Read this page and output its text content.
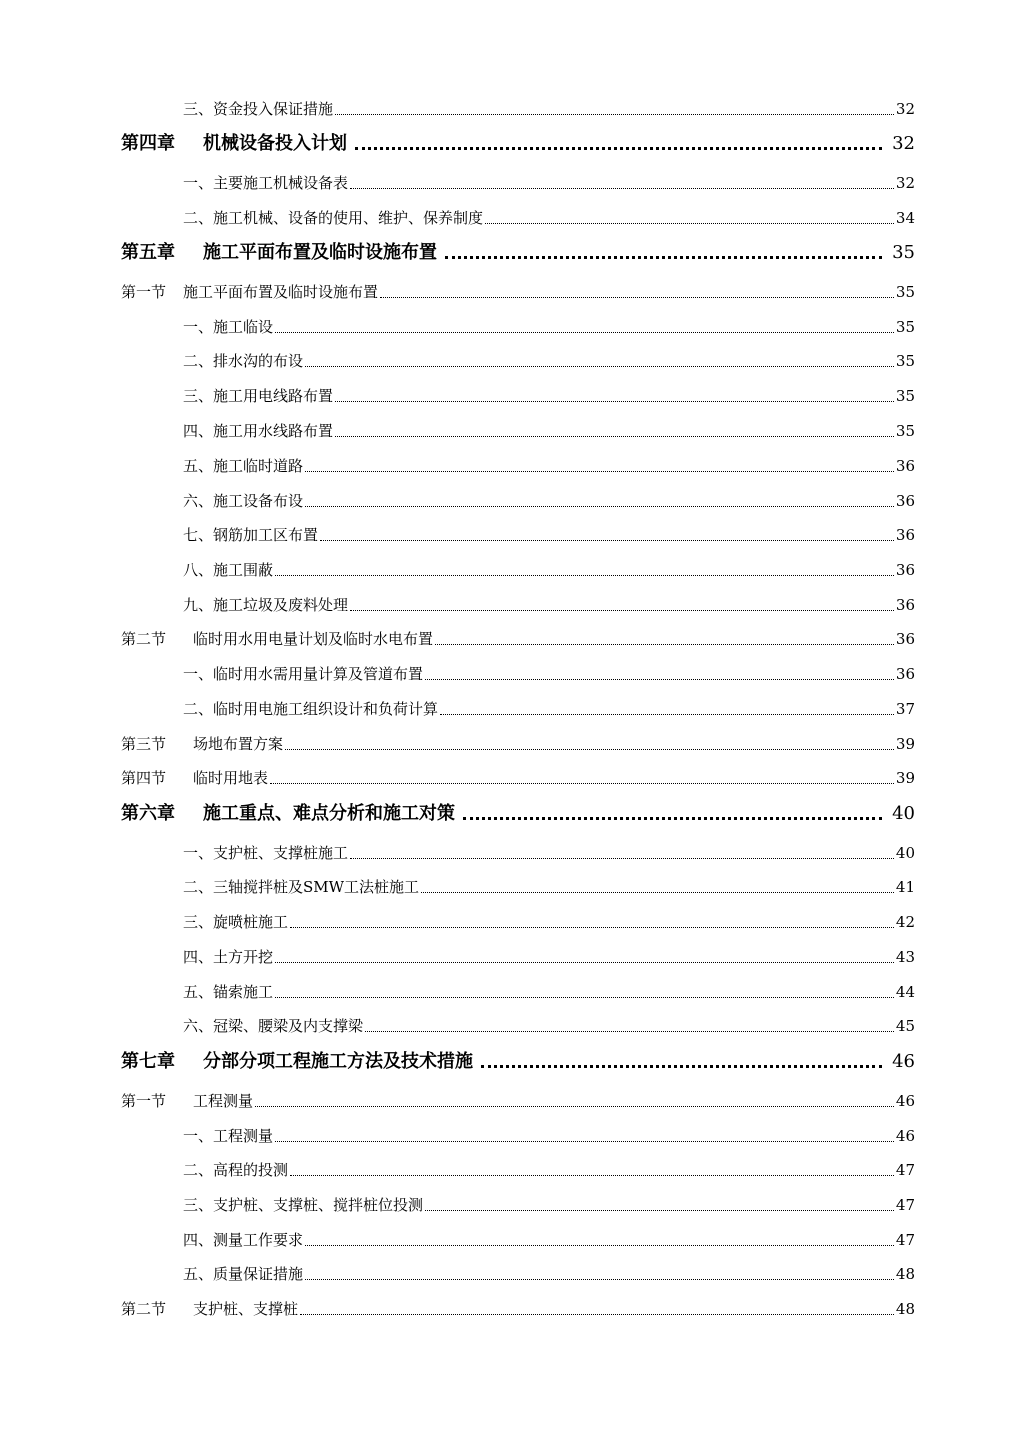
三、资金投入保证措施	32
第四章 机械设备投入计划	32
一、主要施工机械设备表	32
二、施工机械、设备的使用、维护、保养制度	34
第五章 施工平面布置及临时设施布置	35
第一节 施工平面布置及临时设施布置	35
一、施工临设	35
二、排水沟的布设	35
三、施工用电线路布置	35
四、施工用水线路布置	35
五、施工临时道路	36
六、施工设备布设	36
七、钢筋加工区布置	36
八、施工围蔽	36
九、施工垃圾及废料处理	36
第二节 临时用水用电量计划及临时水电布置	36
一、临时用水需用量计算及管道布置	36
二、临时用电施工组织设计和负荷计算	37
第三节 场地布置方案	39
第四节 临时用地表	39
第六章 施工重点、难点分析和施工对策	40
一、支护桩、支撑桩施工	40
二、三轴搅拌桩及SMW工法桩施工	41
三、旋喷桩施工	42
四、土方开挖	43
五、锚索施工	44
六、冠梁、腰梁及内支撑梁	45
第七章 分部分项工程施工方法及技术措施	46
第一节 工程测量	46
一、工程测量	46
二、高程的投测	47
三、支护桩、支撑桩、搅拌桩位投测	47
四、测量工作要求	47
五、质量保证措施	48
第二节 支护桩、支撑桩	48
